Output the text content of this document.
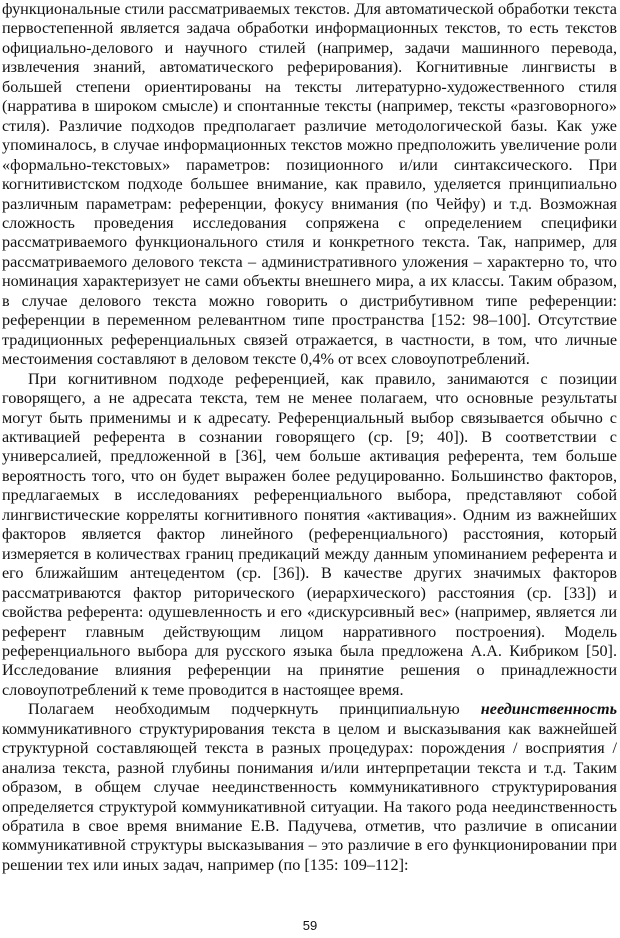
функциональные стили рассматриваемых текстов. Для автоматической обработки текста первостепенной является задача обработки информационных текстов, то есть текстов официально-делового и научного стилей (например, задачи машинного перевода, извлечения знаний, автоматического реферирования). Когнитивные лингвисты в большей степени ориентированы на тексты литературно-художественного стиля (нарратива в широком смысле) и спонтанные тексты (например, тексты «разговорного» стиля). Различие подходов предполагает различие методологической базы. Как уже упоминалось, в случае информационных текстов можно предположить увеличение роли «формально-текстовых» параметров: позиционного и/или синтаксического. При когнитивистском подходе большее внимание, как правило, уделяется принципиально различным параметрам: референции, фокусу внимания (по Чейфу) и т.д. Возможная сложность проведения исследования сопряжена с определением специфики рассматриваемого функционального стиля и конкретного текста. Так, например, для рассматриваемого делового текста – административного уложения – характерно то, что номинация характеризует не сами объекты внешнего мира, а их классы. Таким образом, в случае делового текста можно говорить о дистрибутивном типе референции: референции в переменном релевантном типе пространства [152: 98–100]. Отсутствие традиционных референциальных связей отражается, в частности, в том, что личные местоимения составляют в деловом тексте 0,4% от всех словоупотреблений.

При когнитивном подходе референцией, как правило, занимаются с позиции говорящего, а не адресата текста, тем не менее полагаем, что основные результаты могут быть применимы и к адресату. Референциальный выбор связывается обычно с активацией референта в сознании говорящего (ср. [9; 40]). В соответствии с универсалией, предложенной в [36], чем больше активация референта, тем больше вероятность того, что он будет выражен более редуцированно. Большинство факторов, предлагаемых в исследованиях референциального выбора, представляют собой лингвистические корреляты когнитивного понятия «активация». Одним из важнейших факторов является фактор линейного (референциального) расстояния, который измеряется в количествах границ предикаций между данным упоминанием референта и его ближайшим антецедентом (ср. [36]). В качестве других значимых факторов рассматриваются фактор риторического (иерархического) расстояния (ср. [33]) и свойства референта: одушевленность и его «дискурсивный вес» (например, является ли референт главным действующим лицом нарративного построения). Модель референциального выбора для русского языка была предложена А.А. Кибриком [50]. Исследование влияния референции на принятие решения о принадлежности словоупотреблений к теме проводится в настоящее время.

Полагаем необходимым подчеркнуть принципиальную неединственность коммуникативного структурирования текста в целом и высказывания как важнейшей структурной составляющей текста в разных процедурах: порождения / восприятия / анализа текста, разной глубины понимания и/или интерпретации текста и т.д. Таким образом, в общем случае неединственность коммуникативного структурирования определяется структурой коммуникативной ситуации. На такого рода неединственность обратила в свое время внимание Е.В. Падучева, отметив, что различие в описании коммуникативной структуры высказывания – это различие в его функционировании при решении тех или иных задач, например (по [135: 109–112]:

59
